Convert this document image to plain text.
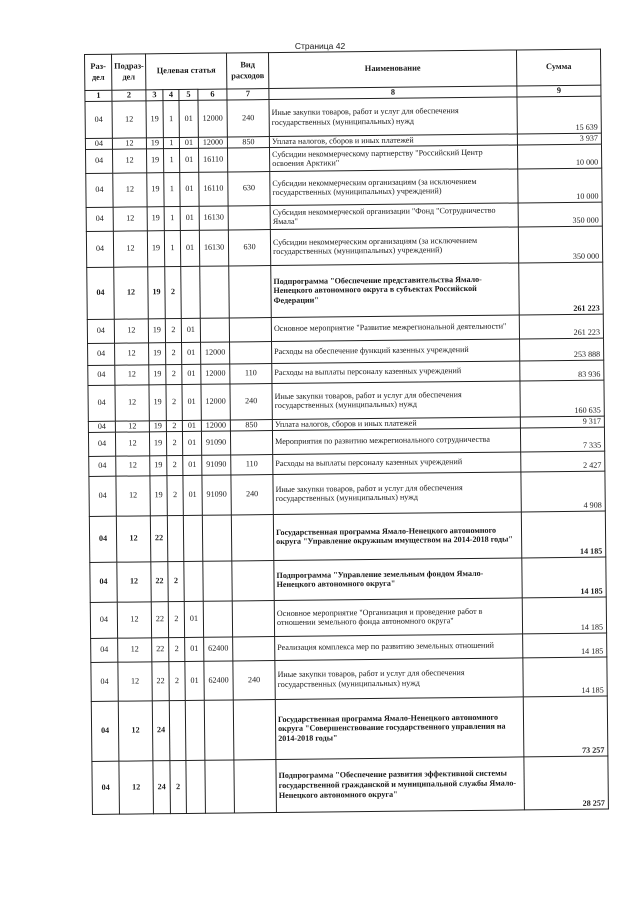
Страница 42
Раз-дел	Подраз-дел	Целевая статья				Вид расходов	Наименование	Сумма
1	2	3	4	5	6	7	8	9
04	12	19	1	01	12000	240	Иные закупки товаров, работ и услуг для обеспечения государственных (муниципальных) нужд	15 639
04	12	19	1	01	12000	850	Уплата налогов, сборов и иных платежей	3 937
04	12	19	1	01	16110		Субсидии некоммерческому партнерству "Российский Центр освоения Арктики"	10 000
04	12	19	1	01	16110	630	Субсидии некоммерческим организациям (за исключением государственных (муниципальных) учреждений)	10 000
04	12	19	1	01	16130		Субсидия некоммерческой организации "Фонд "Сотрудничество Ямала"	350 000
04	12	19	1	01	16130	630	Субсидии некоммерческим организациям (за исключением государственных (муниципальных) учреждений)	350 000
04	12	19	2				Подпрограмма "Обеспечение представительства Ямало-Ненецкого автономного округа в субъектах Российской Федерации"	261 223
04	12	19	2	01			Основное мероприятие "Развитие межрегиональной деятельности"	261 223
04	12	19	2	01	12000		Расходы на обеспечение функций казенных учреждений	253 888
04	12	19	2	01	12000	110	Расходы на выплаты персоналу казенных учреждений	83 936
04	12	19	2	01	12000	240	Иные закупки товаров, работ и услуг для обеспечения государственных (муниципальных) нужд	160 635
04	12	19	2	01	12000	850	Уплата налогов, сборов и иных платежей	9 317
04	12	19	2	01	91090		Мероприятия по развитию межрегионального сотрудничества	7 335
04	12	19	2	01	91090	110	Расходы на выплаты персоналу казенных учреждений	2 427
04	12	19	2	01	91090	240	Иные закупки товаров, работ и услуг для обеспечения государственных (муниципальных) нужд	4 908
04	12	22					Государственная программа Ямало-Ненецкого автономного округа "Управление окружным имуществом на 2014-2018 годы"	14 185
04	12	22	2				Подпрограмма "Управление земельным фондом Ямало-Ненецкого автономного округа"	14 185
04	12	22	2	01			Основное мероприятие "Организация и проведение работ в отношении земельного фонда автономного округа"	14 185
04	12	22	2	01	62400		Реализация комплекса мер по развитию земельных отношений	14 185
04	12	22	2	01	62400	240	Иные закупки товаров, работ и услуг для обеспечения государственных (муниципальных) нужд	14 185
04	12	24					Государственная программа Ямало-Ненецкого автономного округа "Совершенствование государственного управления на 2014-2018 годы"	73 257
04	12	24	2				Подпрограмма "Обеспечение развития эффективной системы государственной гражданской и муниципальной службы Ямало-Ненецкого автономного округа"	28 257
